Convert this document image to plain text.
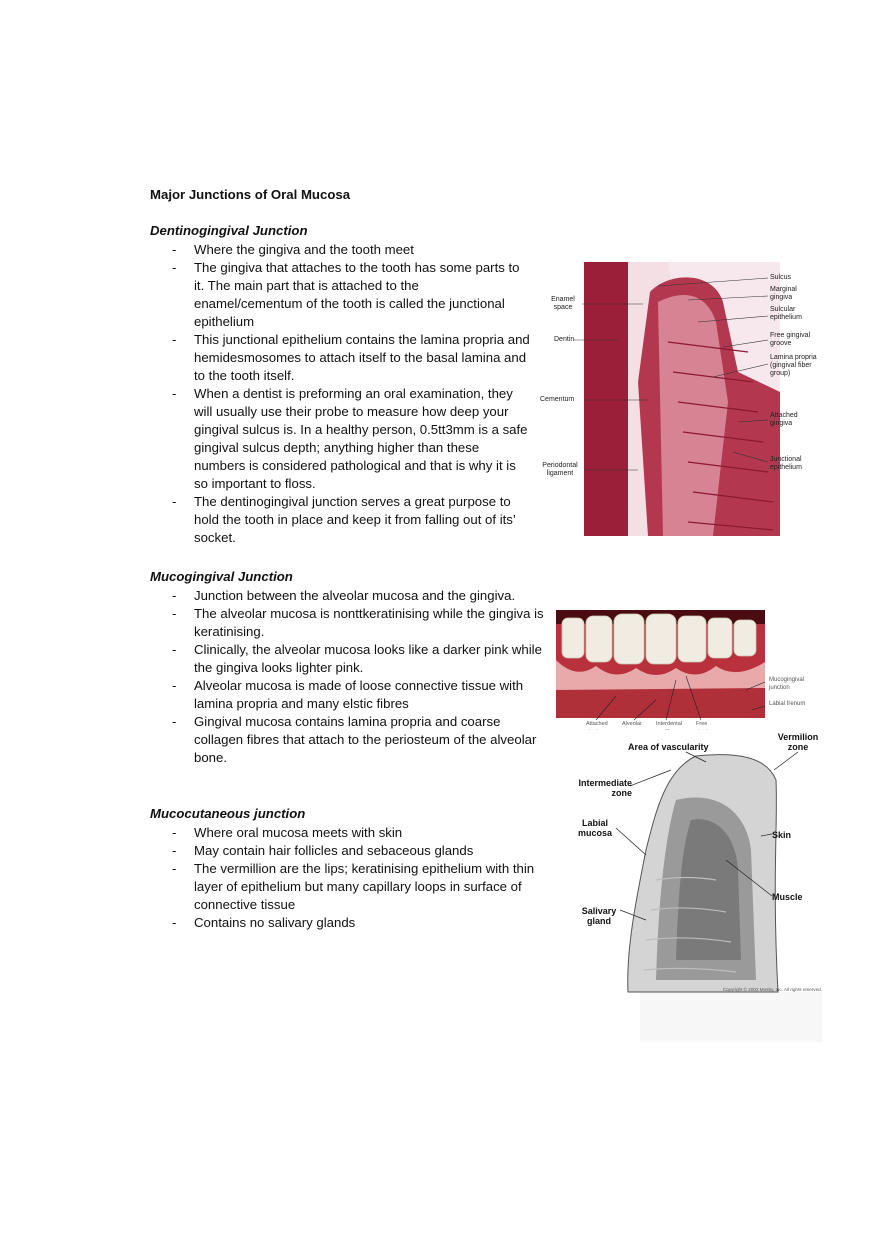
Major Junctions of Oral Mucosa
Dentinogingival Junction
- Where the gingiva and the tooth meet
- The gingiva that attaches to the tooth has some parts to it. The main part that is attached to the enamel/cementum of the tooth is called the junctional epithelium
- This junctional epithelium contains the lamina propria and hemidesmosomes to attach itself to the basal lamina and to the tooth itself.
- When a dentist is preforming an oral examination, they will usually use their probe to measure how deep your gingival sulcus is. In a healthy person, 0.5tt3mm is a safe gingival sulcus depth; anything higher than these numbers is considered pathological and that is why it is so important to floss.
- The dentinogingival junction serves a great purpose to hold the tooth in place and keep it from falling out of its’ socket.
Mucogingival Junction
- Junction between the alveolar mucosa and the gingiva.
- The alveolar mucosa is nonttkeratinising while the gingiva is keratinising.
- Clinically, the alveolar mucosa looks like a darker pink while the gingiva looks lighter pink.
- Alveolar mucosa is made of loose connective tissue with lamina propria and many elstic fibres
- Gingival mucosa contains lamina propria and coarse collagen fibres that attach to the periosteum of the alveolar bone.
Mucocutaneous junction
- Where oral mucosa meets with skin
- May contain hair follicles and sebaceous glands
- The vermillion are the lips; keratinising epithelium with thin layer of epithelium but many capillary loops in surface of connective tissue
- Contains no salivary glands
Enamel space
Dentin
Cementum
Periodontal ligament
Sulcus
Marginal gingiva
Sulcular epithelium
Free gingival groove
Lamina propria (gingival fiber group)
Attached gingiva
Junctional epithelium
Mucogingival junction
Labial frenum
Attached	Alveolar	Interdental	Free
Area of vascularity
Vermilion zone
Intermediate zone
Labial mucosa	Skin
Muscle
Salivary gland
Copyright © 2002 Mosby, Inc. All rights reserved.
